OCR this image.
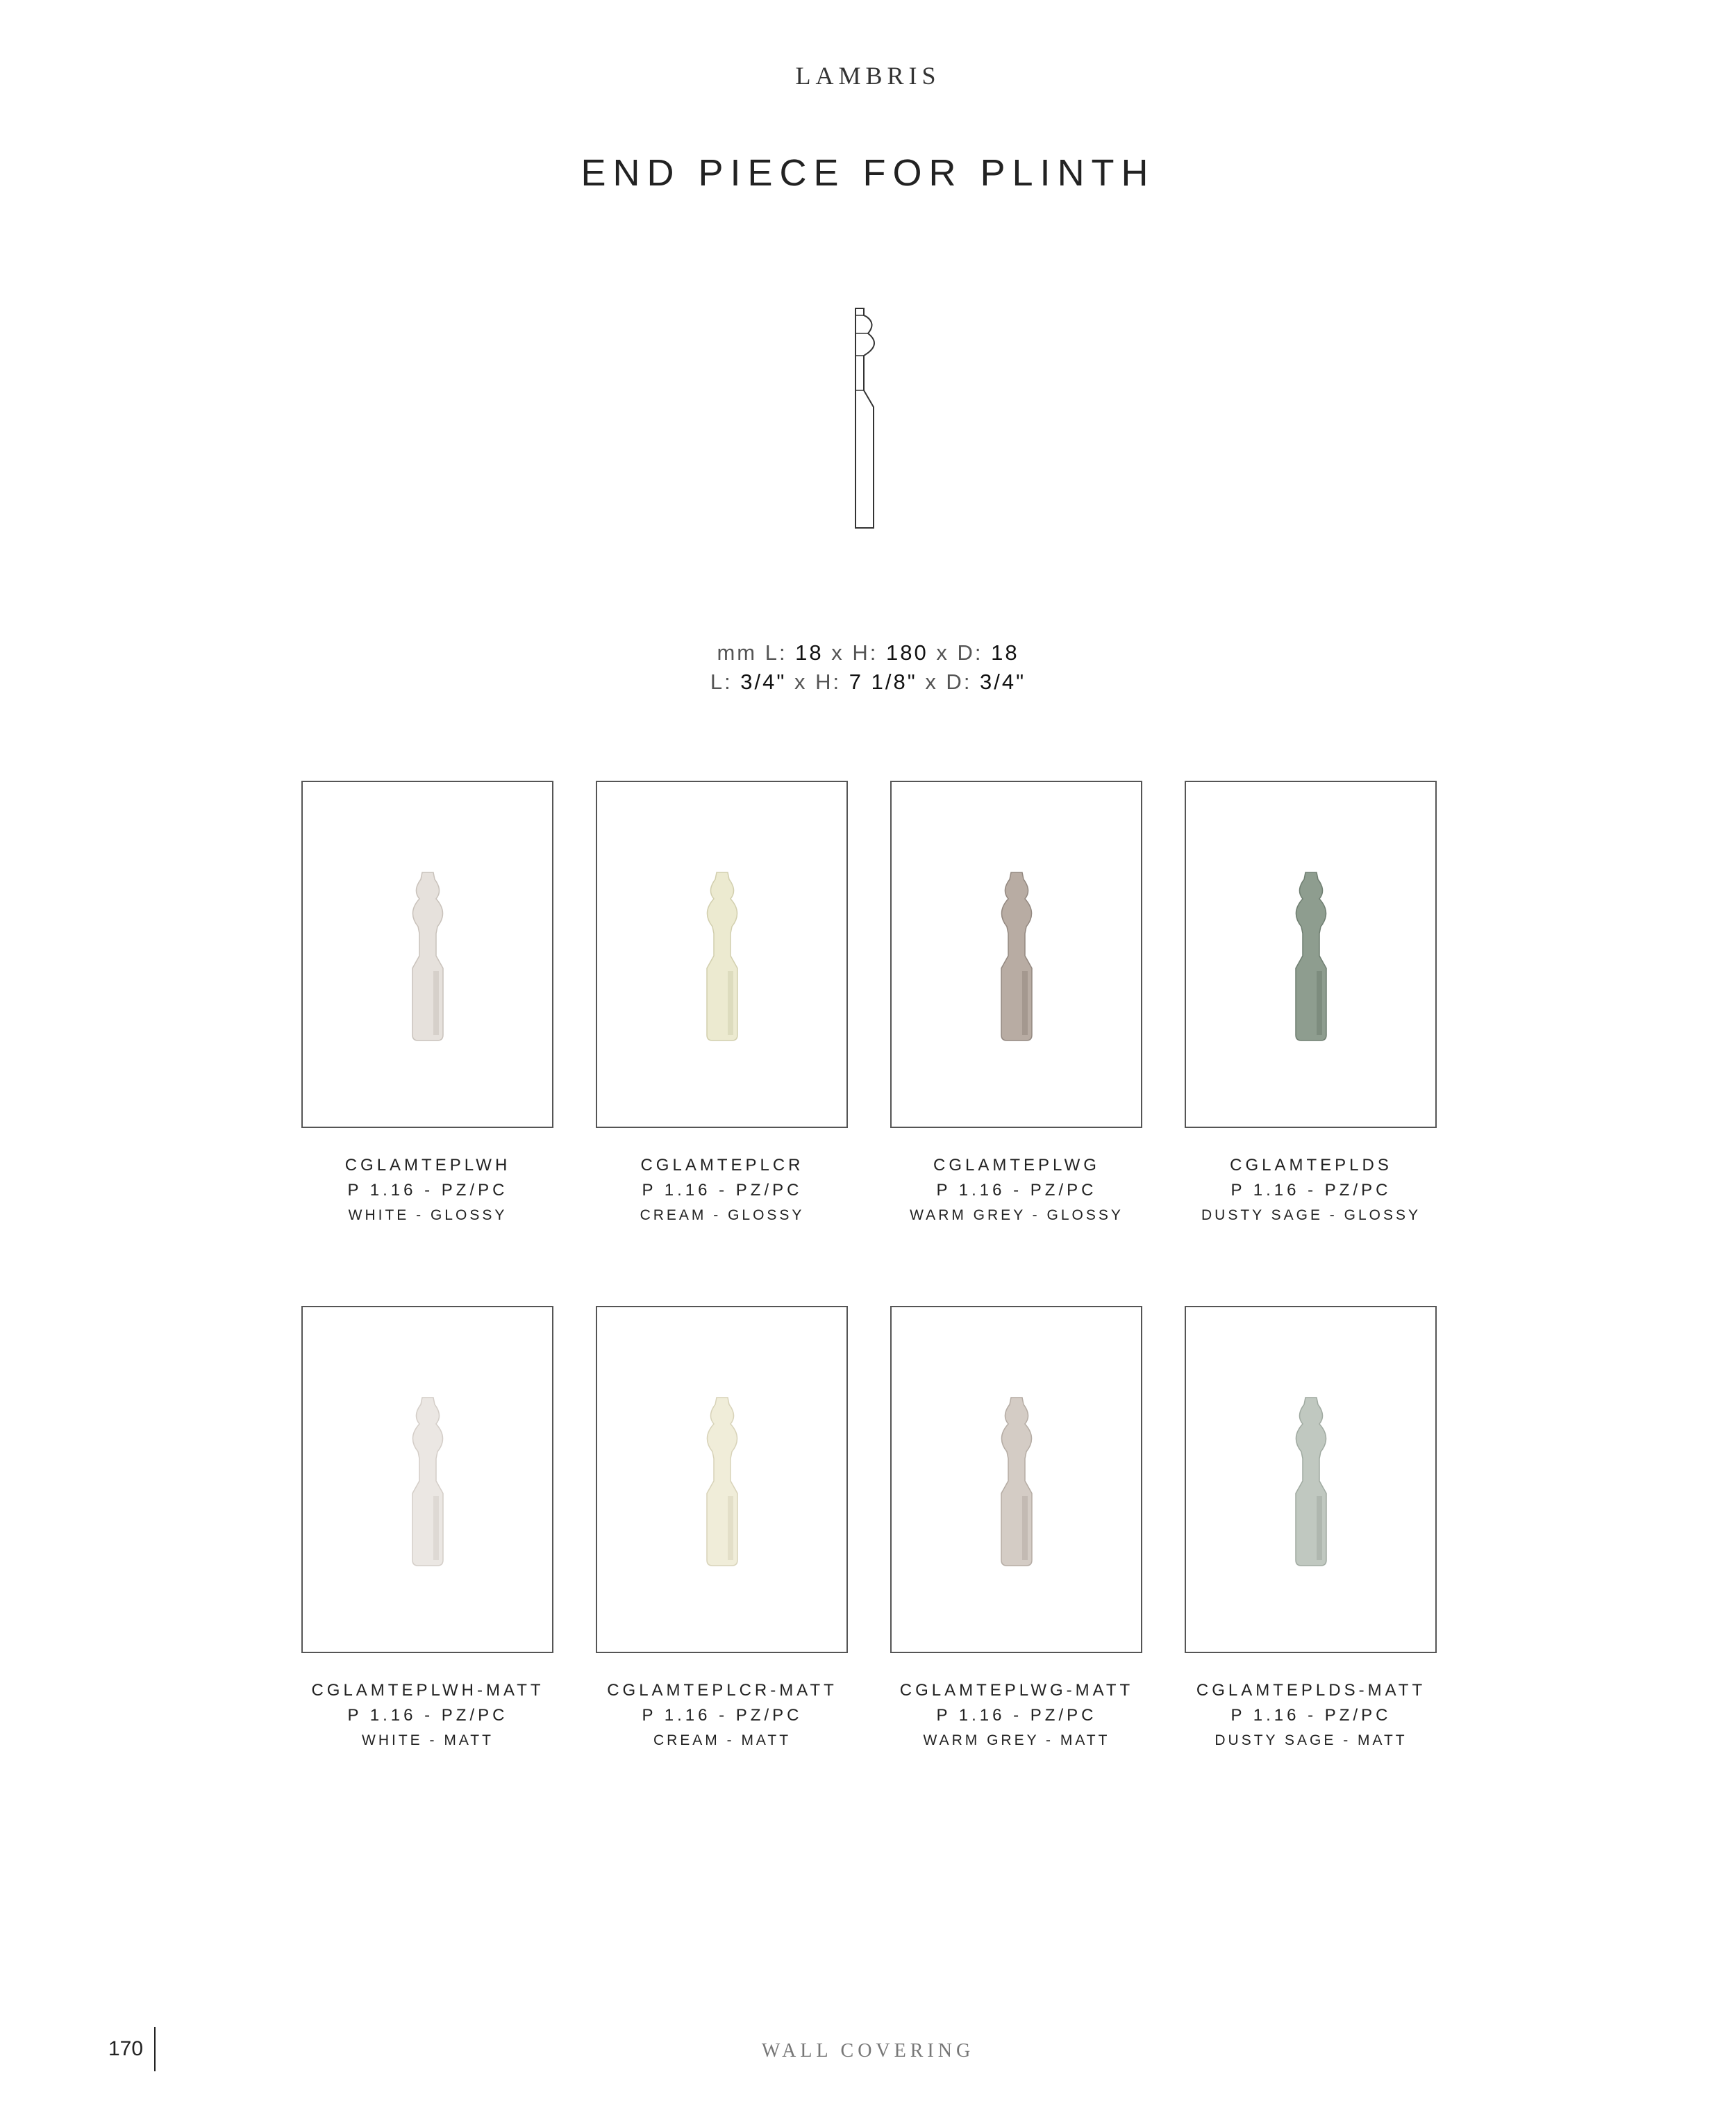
LAMBRIS
END PIECE FOR PLINTH
mm L: 18 x H: 180 x D: 18
L: 3/4" x H: 7 1/8" x D: 3/4"
CGLAMTEPLWH
P 1.16 - PZ/PC
WHITE - GLOSSY
CGLAMTEPLCR
P 1.16 - PZ/PC
CREAM - GLOSSY
CGLAMTEPLWG
P 1.16 - PZ/PC
WARM GREY - GLOSSY
CGLAMTEPLDS
P 1.16 - PZ/PC
DUSTY SAGE - GLOSSY
CGLAMTEPLWH-MATT
P 1.16 - PZ/PC
WHITE - MATT
CGLAMTEPLCR-MATT
P 1.16 - PZ/PC
CREAM - MATT
CGLAMTEPLWG-MATT
P 1.16 - PZ/PC
WARM GREY - MATT
CGLAMTEPLDS-MATT
P 1.16 - PZ/PC
DUSTY SAGE - MATT
170	WALL COVERING
